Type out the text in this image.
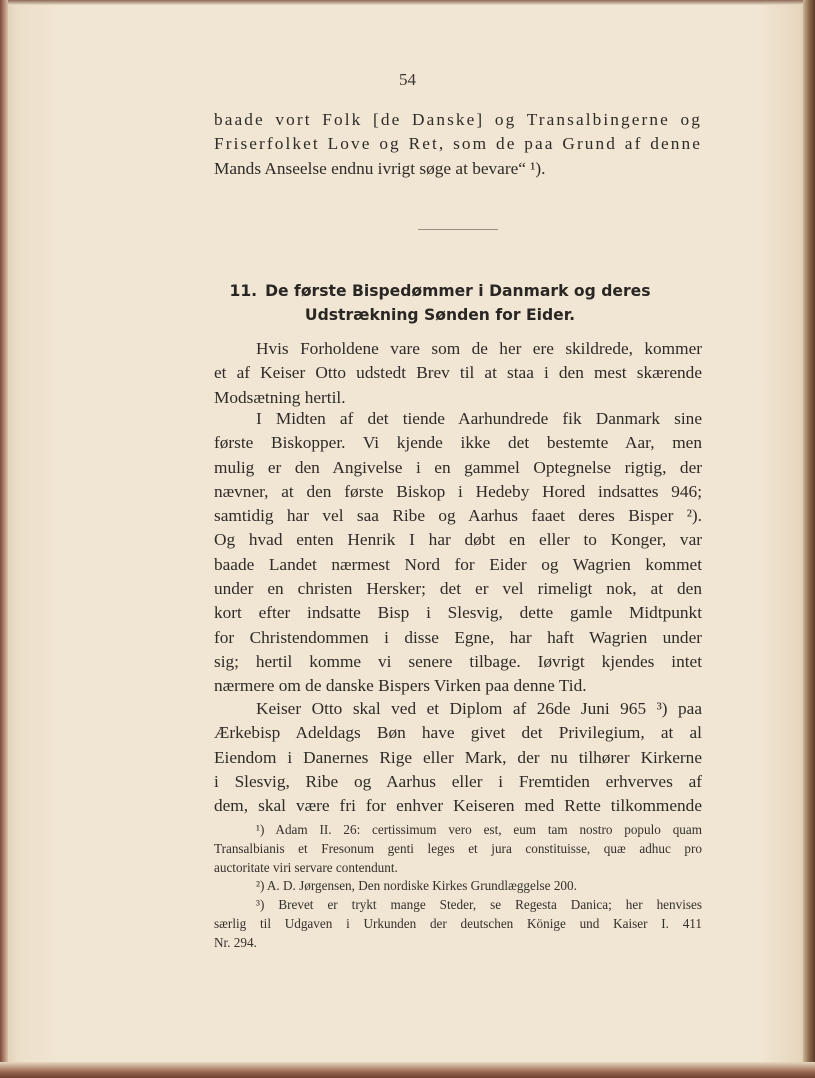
54
baade vort Folk [de Danske] og Transalbingerne og
Friserfolket Love og Ret, som de paa Grund af denne
Mands Anseelse endnu ivrigt søge at bevare“ ¹).
11. De første Bispedømmer i Danmark og deres
Udstrækning Sønden for Eider.
Hvis Forholdene vare som de her ere skildrede, kommer
et af Keiser Otto udstedt Brev til at staa i den mest skærende
Modsætning hertil.
I Midten af det tiende Aarhundrede fik Danmark sine
første Biskopper. Vi kjende ikke det bestemte Aar, men
mulig er den Angivelse i en gammel Optegnelse rigtig, der
nævner, at den første Biskop i Hedeby Hored indsattes 946;
samtidig har vel saa Ribe og Aarhus faaet deres Bisper ²).
Og hvad enten Henrik I har døbt en eller to Konger, var
baade Landet nærmest Nord for Eider og Wagrien kommet
under en christen Hersker; det er vel rimeligt nok, at den
kort efter indsatte Bisp i Slesvig, dette gamle Midtpunkt
for Christendommen i disse Egne, har haft Wagrien under
sig; hertil komme vi senere tilbage. Iøvrigt kjendes intet
nærmere om de danske Bispers Virken paa denne Tid.
Keiser Otto skal ved et Diplom af 26de Juni 965 ³) paa
Ærkebisp Adeldags Bøn have givet det Privilegium, at al
Eiendom i Danernes Rige eller Mark, der nu tilhører Kirkerne
i Slesvig, Ribe og Aarhus eller i Fremtiden erhverves af
dem, skal være fri for enhver Keiseren med Rette tilkommende
¹) Adam II. 26: certissimum vero est, eum tam nostro populo quam
Transalbianis et Fresonum genti leges et jura constituisse, quæ adhuc pro
auctoritate viri servare contendunt.
²) A. D. Jørgensen, Den nordiske Kirkes Grundlæggelse 200.
³) Brevet er trykt mange Steder, se Regesta Danica; her henvises
særlig til Udgaven i Urkunden der deutschen Könige und Kaiser I. 411
Nr. 294.
